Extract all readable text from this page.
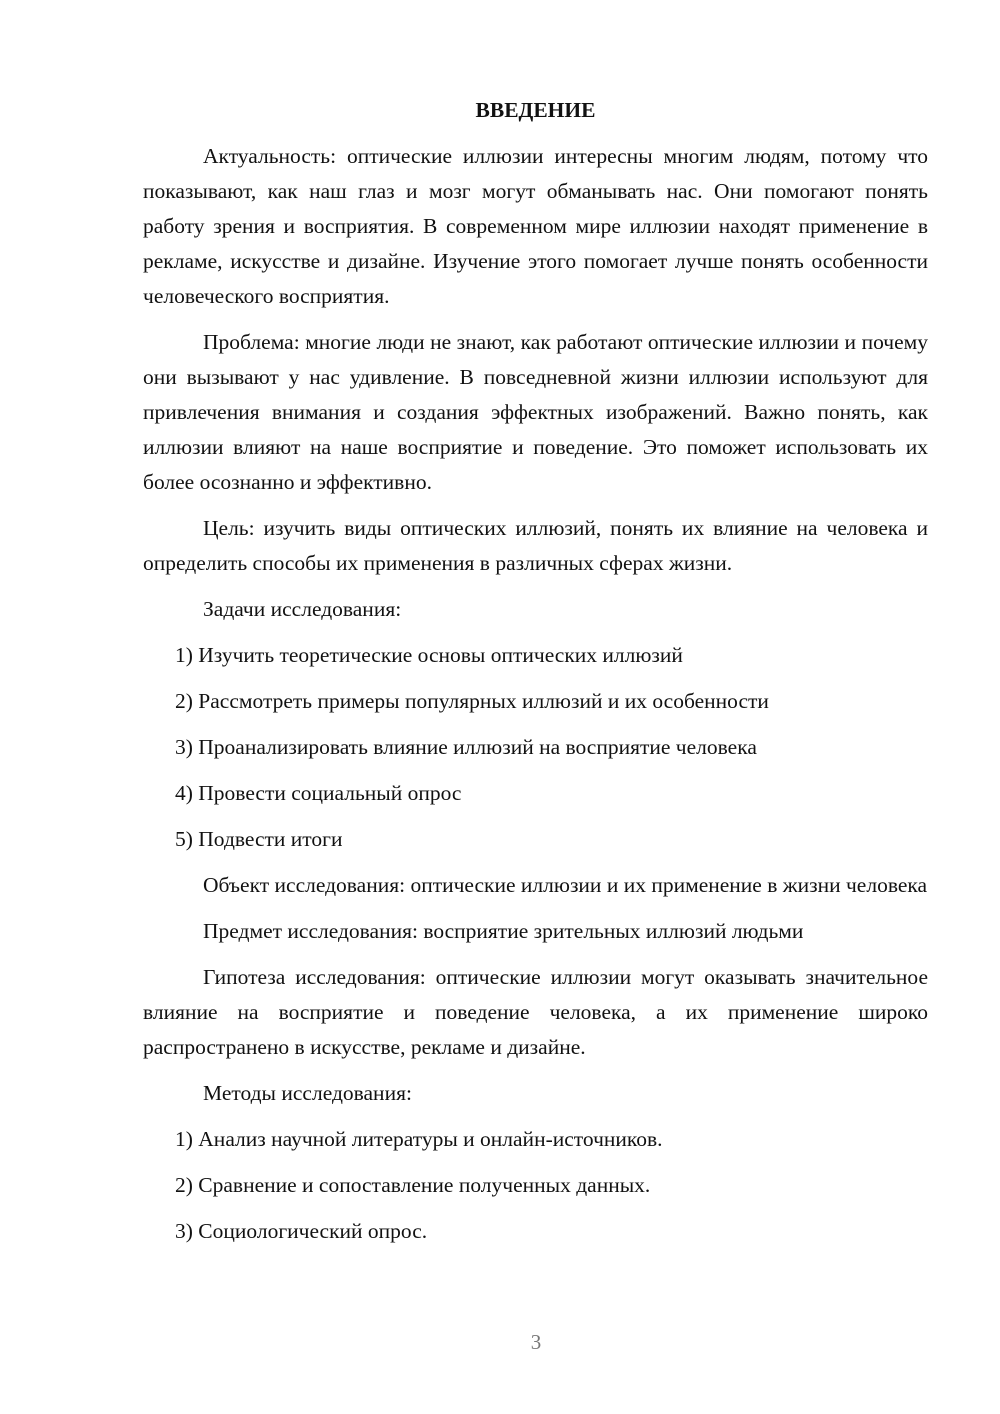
ВВЕДЕНИЕ
Актуальность: оптические иллюзии интересны многим людям, потому что показывают, как наш глаз и мозг могут обманывать нас. Они помогают понять работу зрения и восприятия. В современном мире иллюзии находят применение в рекламе, искусстве и дизайне. Изучение этого помогает лучше понять особенности человеческого восприятия.
Проблема: многие люди не знают, как работают оптические иллюзии и почему они вызывают у нас удивление. В повседневной жизни иллюзии используют для привлечения внимания и создания эффектных изображений. Важно понять, как иллюзии влияют на наше восприятие и поведение. Это поможет использовать их более осознанно и эффективно.
Цель: изучить виды оптических иллюзий, понять их влияние на человека и определить способы их применения в различных сферах жизни.
Задачи исследования:
1) Изучить теоретические основы оптических иллюзий
2) Рассмотреть примеры популярных иллюзий и их особенности
3) Проанализировать влияние иллюзий на восприятие человека
4) Провести социальный опрос
5) Подвести итоги
Объект исследования: оптические иллюзии и их применение в жизни человека
Предмет исследования: восприятие зрительных иллюзий людьми
Гипотеза исследования: оптические иллюзии могут оказывать значительное влияние на восприятие и поведение человека, а их применение широко распространено в искусстве, рекламе и дизайне.
Методы исследования:
1) Анализ научной литературы и онлайн-источников.
2) Сравнение и сопоставление полученных данных.
3) Социологический опрос.
3
